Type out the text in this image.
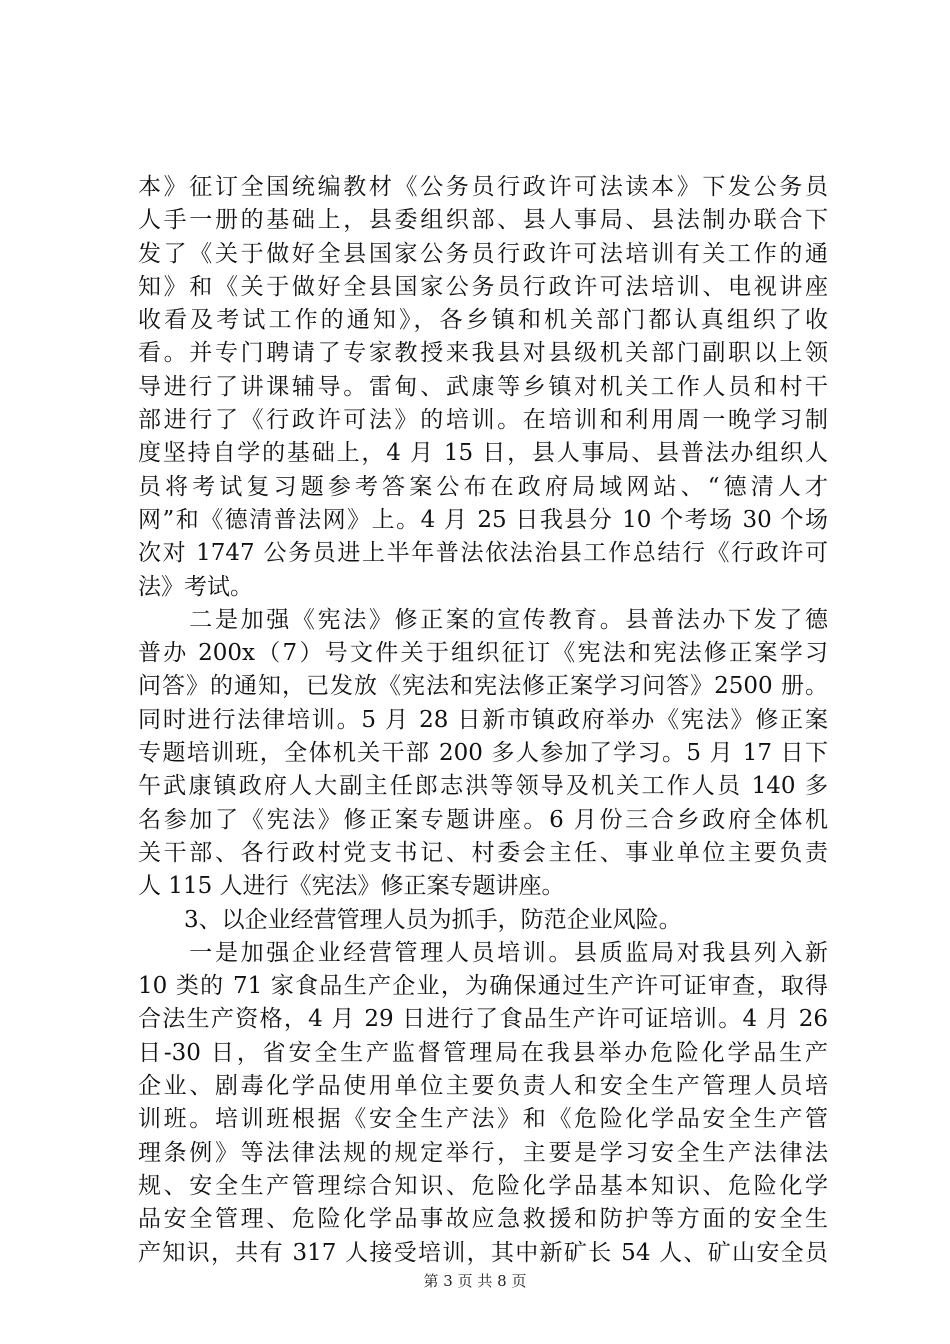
本》征订全国统编教材《公务员行政许可法读本》下发公务员
人手一册的基础上，县委组织部、县人事局、县法制办联合下
发了《关于做好全县国家公务员行政许可法培训有关工作的通
知》和《关于做好全县国家公务员行政许可法培训、电视讲座
收看及考试工作的通知》，各乡镇和机关部门都认真组织了收
看。并专门聘请了专家教授来我县对县级机关部门副职以上领
导进行了讲课辅导。雷甸、武康等乡镇对机关工作人员和村干
部进行了《行政许可法》的培训。在培训和利用周一晚学习制
度坚持自学的基础上，4 月 15 日，县人事局、县普法办组织人
员将考试复习题参考答案公布在政府局域网站、“德清人才
网”和《德清普法网》上。4 月 25 日我县分 10 个考场 30 个场
次对 1747 公务员进上半年普法依法治县工作总结行《行政许可
法》考试。
　　二是加强《宪法》修正案的宣传教育。县普法办下发了德
普办 200x（7）号文件关于组织征订《宪法和宪法修正案学习
问答》的通知，已发放《宪法和宪法修正案学习问答》2500 册。
同时进行法律培训。5 月 28 日新市镇政府举办《宪法》修正案
专题培训班，全体机关干部 200 多人参加了学习。5 月 17 日下
午武康镇政府人大副主任郎志洪等领导及机关工作人员 140 多
名参加了《宪法》修正案专题讲座。6 月份三合乡政府全体机
关干部、各行政村党支书记、村委会主任、事业单位主要负责
人 115 人进行《宪法》修正案专题讲座。
　　3、以企业经营管理人员为抓手，防范企业风险。
　　一是加强企业经营管理人员培训。县质监局对我县列入新
10 类的 71 家食品生产企业，为确保通过生产许可证审查，取得
合法生产资格，4 月 29 日进行了食品生产许可证培训。4 月 26
日-30 日，省安全生产监督管理局在我县举办危险化学品生产
企业、剧毒化学品使用单位主要负责人和安全生产管理人员培
训班。培训班根据《安全生产法》和《危险化学品安全生产管
理条例》等法律法规的规定举行，主要是学习安全生产法律法
规、安全生产管理综合知识、危险化学品基本知识、危险化学
品安全管理、危险化学品事故应急救援和防护等方面的安全生
产知识，共有 317 人接受培训，其中新矿长 54 人、矿山安全员
第 3 页 共 8 页
